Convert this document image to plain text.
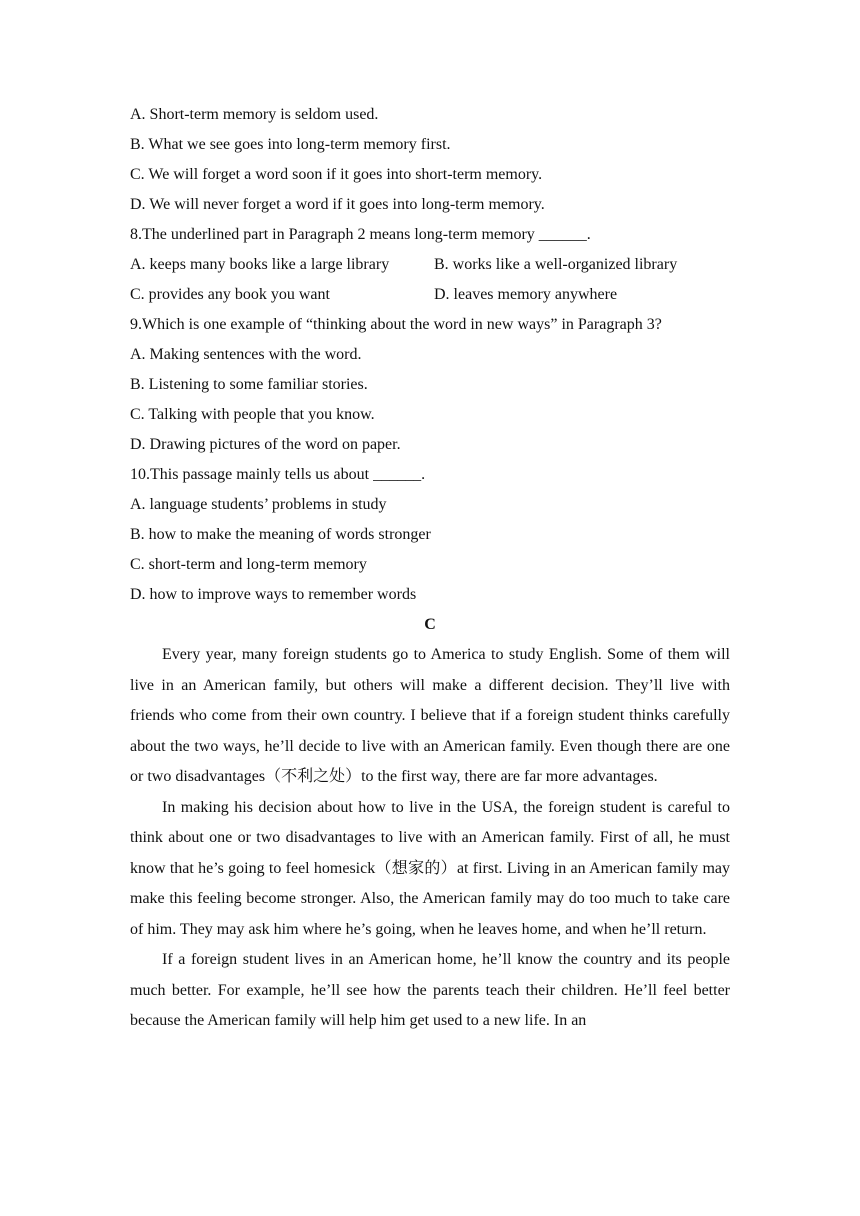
A. Short-term memory is seldom used.
B. What we see goes into long-term memory first.
C. We will forget a word soon if it goes into short-term memory.
D. We will never forget a word if it goes into long-term memory.
8.The underlined part in Paragraph 2 means long-term memory ______.
A. keeps many books like a large library	B. works like a well-organized library
C. provides any book you want	D. leaves memory anywhere
9.Which is one example of “thinking about the word in new ways” in Paragraph 3?
A. Making sentences with the word.
B. Listening to some familiar stories.
C. Talking with people that you know.
D. Drawing pictures of the word on paper.
10.This passage mainly tells us about ______.
A. language students’ problems in study
B. how to make the meaning of words stronger
C. short-term and long-term memory
D. how to improve ways to remember words
C

Every year, many foreign students go to America to study English. Some of them will live in an American family, but others will make a different decision. They’ll live with friends who come from their own country. I believe that if a foreign student thinks carefully about the two ways, he’ll decide to live with an American family. Even though there are one or two disadvantages（不利之处）to the first way, there are far more advantages.

In making his decision about how to live in the USA, the foreign student is careful to think about one or two disadvantages to live with an American family. First of all, he must know that he’s going to feel homesick（想家的）at first. Living in an American family may make this feeling become stronger. Also, the American family may do too much to take care of him. They may ask him where he’s going, when he leaves home, and when he’ll return.

If a foreign student lives in an American home, he’ll know the country and its people much better. For example, he’ll see how the parents teach their children. He’ll feel better because the American family will help him get used to a new life. In an
